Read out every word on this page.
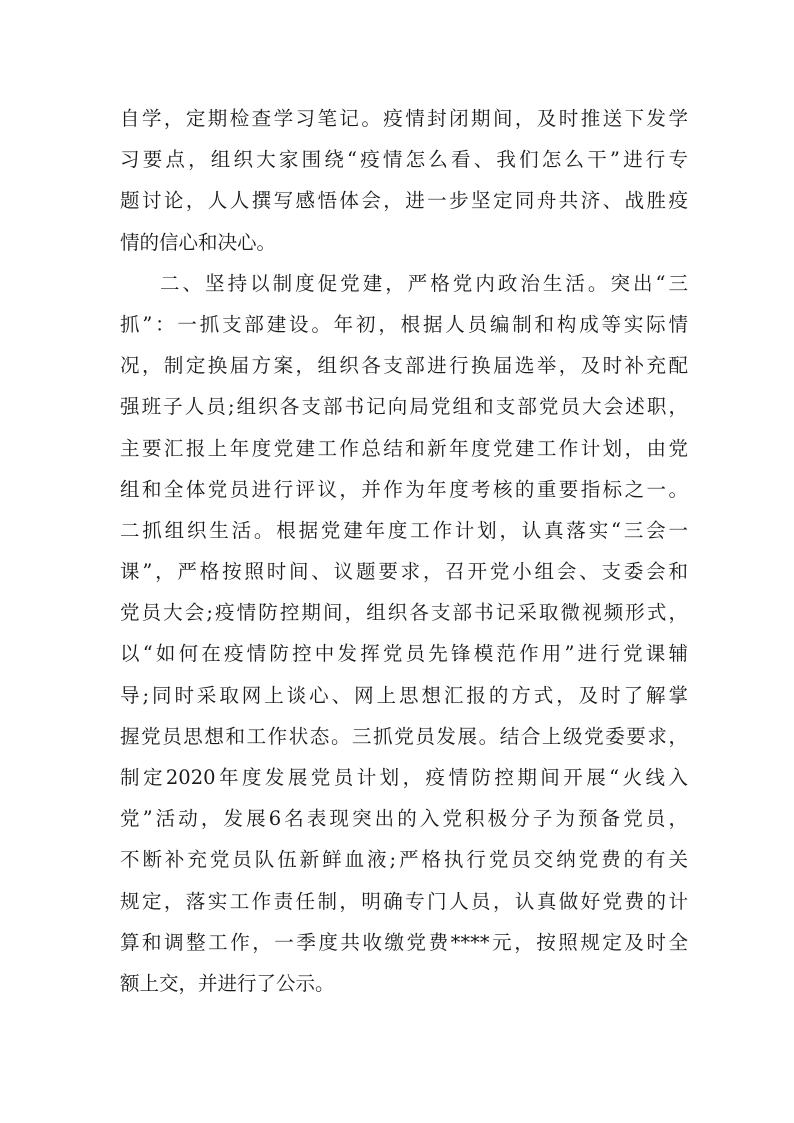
自学，定期检查学习笔记。疫情封闭期间，及时推送下发学
习要点，组织大家围绕“疫情怎么看、我们怎么干”进行专
题讨论，人人撰写感悟体会，进一步坚定同舟共济、战胜疫
情的信心和决心。
二、坚持以制度促党建，严格党内政治生活。突出“三
抓”：一抓支部建设。年初，根据人员编制和构成等实际情
况，制定换届方案，组织各支部进行换届选举，及时补充配
强班子人员;组织各支部书记向局党组和支部党员大会述职，
主要汇报上年度党建工作总结和新年度党建工作计划，由党
组和全体党员进行评议，并作为年度考核的重要指标之一。
二抓组织生活。根据党建年度工作计划，认真落实“三会一
课”，严格按照时间、议题要求，召开党小组会、支委会和
党员大会;疫情防控期间，组织各支部书记采取微视频形式，
以“如何在疫情防控中发挥党员先锋模范作用”进行党课辅
导;同时采取网上谈心、网上思想汇报的方式，及时了解掌
握党员思想和工作状态。三抓党员发展。结合上级党委要求，
制定2020年度发展党员计划，疫情防控期间开展“火线入
党”活动，发展6名表现突出的入党积极分子为预备党员，
不断补充党员队伍新鲜血液;严格执行党员交纳党费的有关
规定，落实工作责任制，明确专门人员，认真做好党费的计
算和调整工作，一季度共收缴党费****元，按照规定及时全
额上交，并进行了公示。
